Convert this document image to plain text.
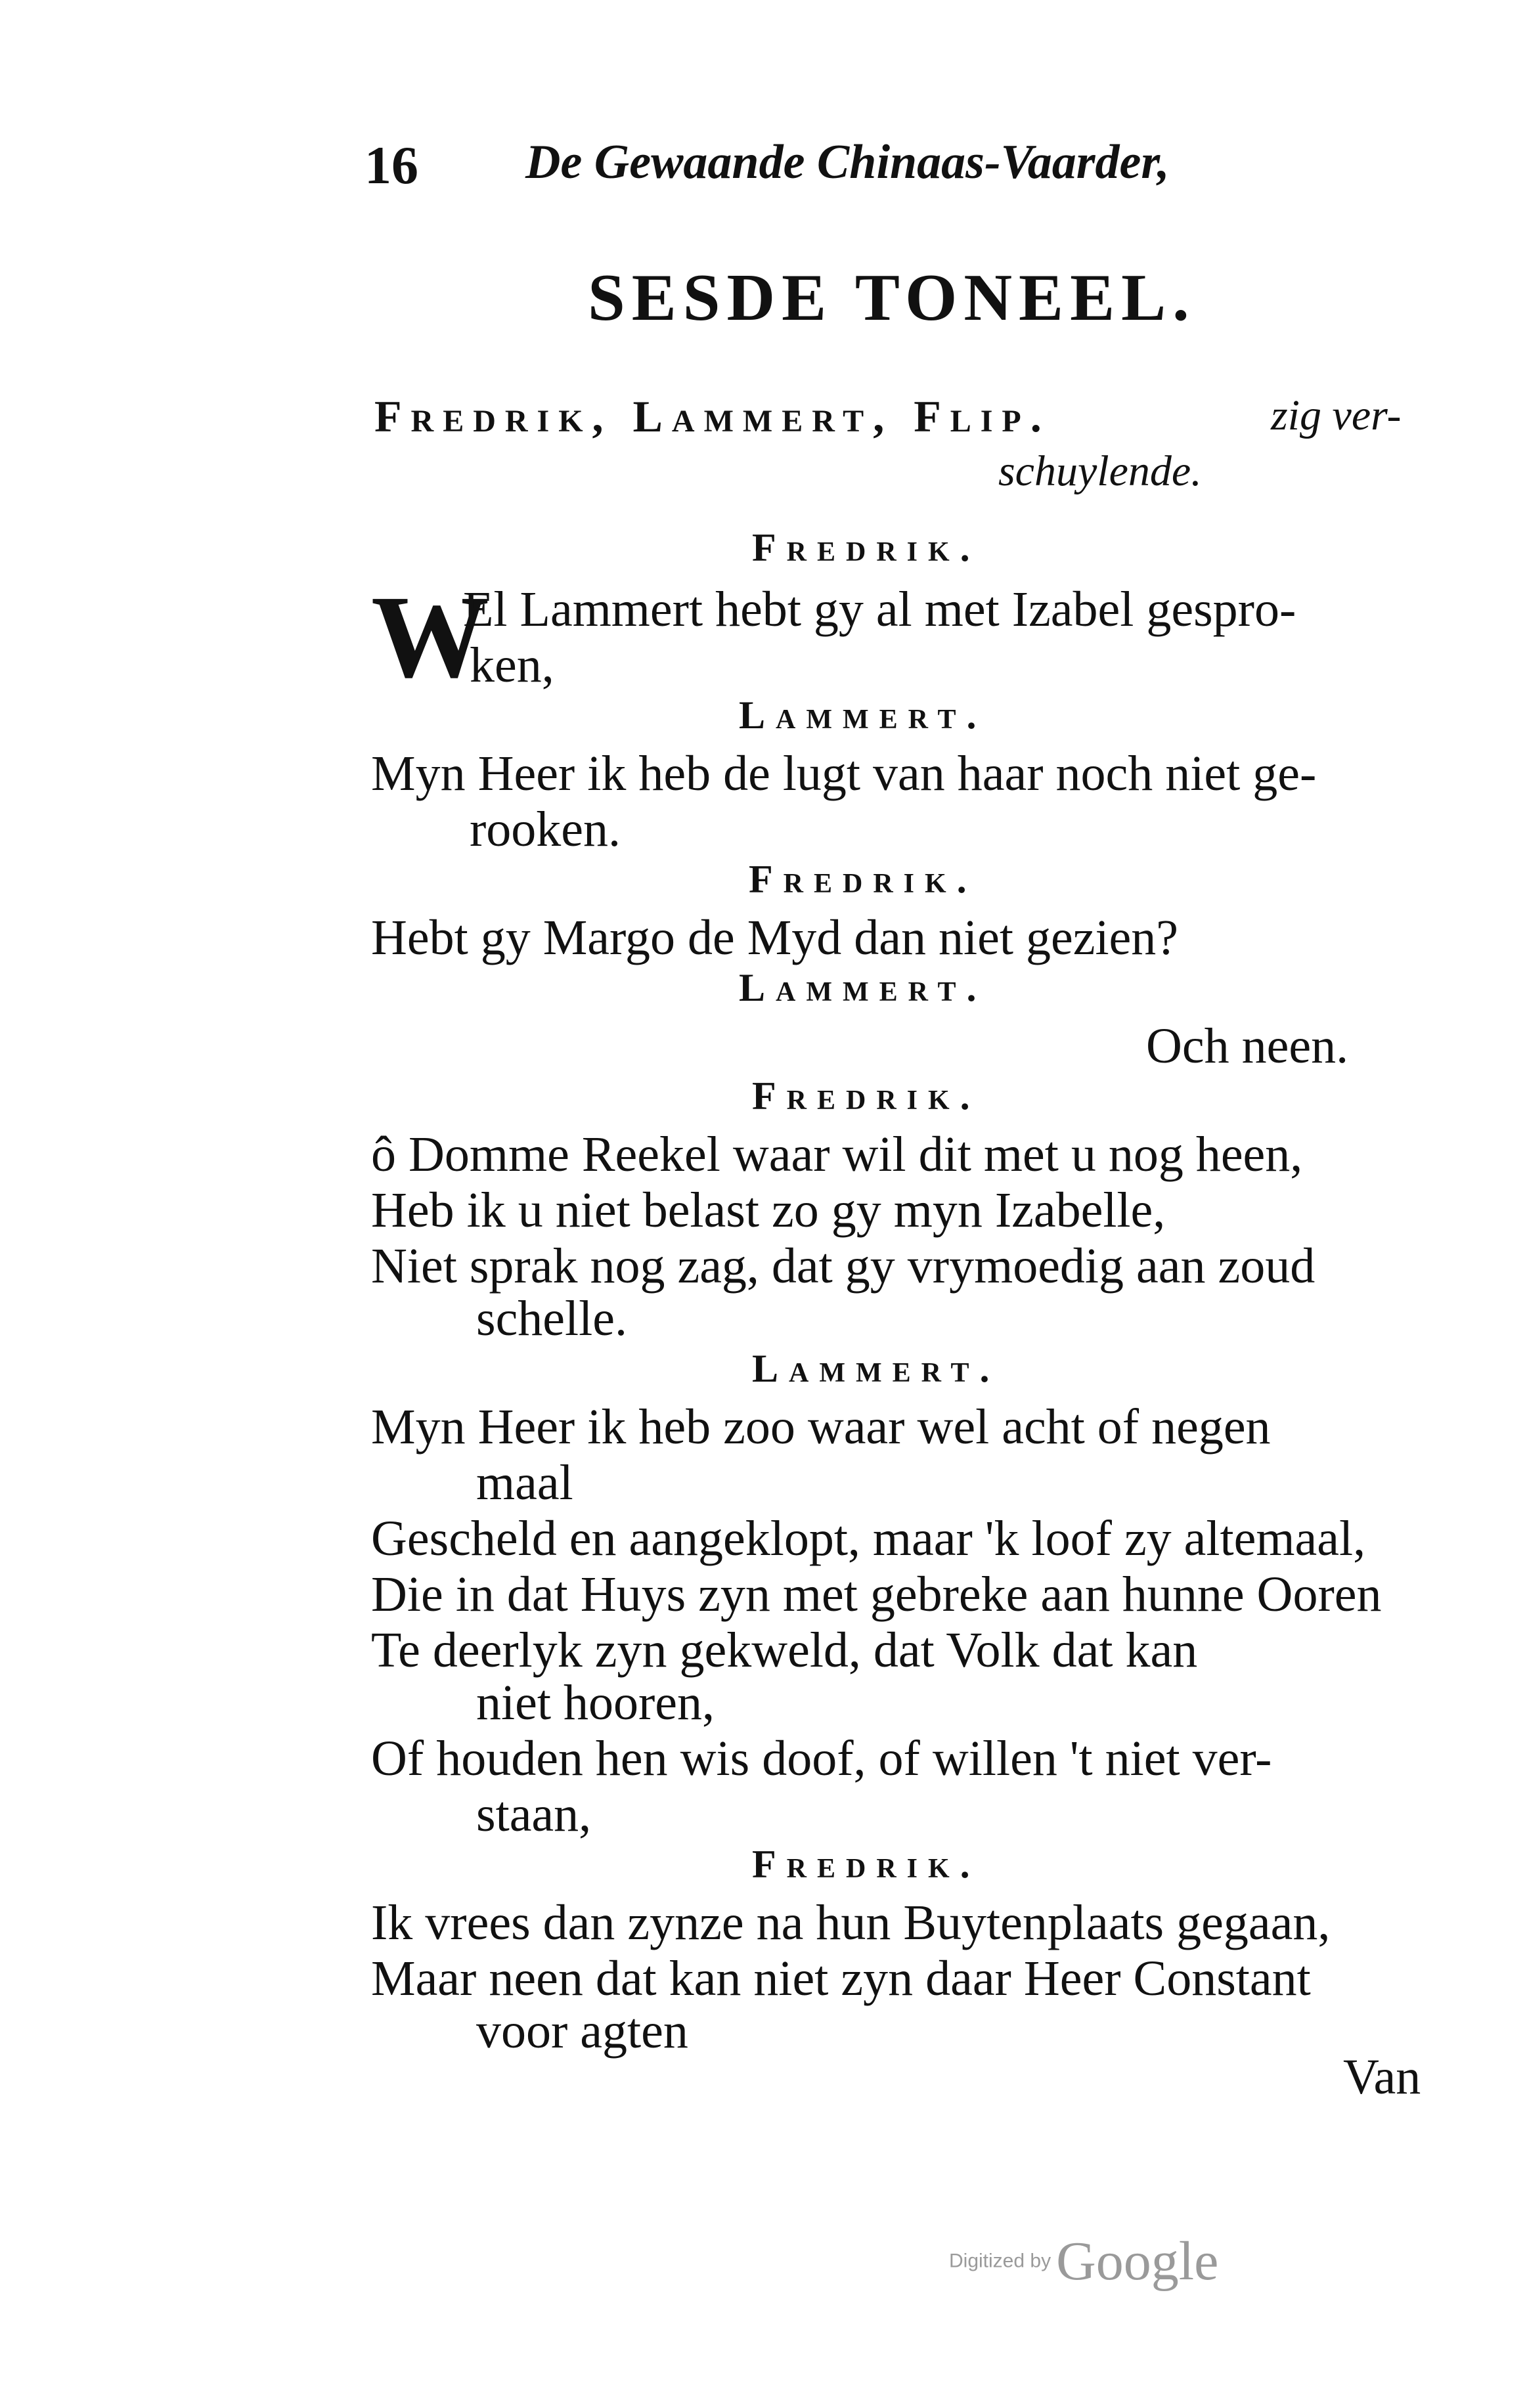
16 De Gewaande Chinaas-Vaarder,
SESDE TONEEL.
Fredrik, Lammert, Flip.	zig ver-
schuylende.
Fredrik.
W
El Lammert hebt gy al met Izabel gespro-
ken,
Lammert.
Myn Heer ik heb de lugt van haar noch niet ge-
rooken.
Fredrik.
Hebt gy Margo de Myd dan niet gezien?
Lammert.
Och neen.
Fredrik.
ô Domme Reekel waar wil dit met u nog heen,
Heb ik u niet belast zo gy myn Izabelle,
Niet sprak nog zag, dat gy vrymoedig aan zoud
schelle.
Lammert.
Myn Heer ik heb zoo waar wel acht of negen
maal
Gescheld en aangeklopt, maar 'k loof zy altemaal,
Die in dat Huys zyn met gebreke aan hunne Ooren
Te deerlyk zyn gekweld, dat Volk dat kan
niet hooren,
Of houden hen wis doof, of willen 't niet ver-
staan,
Fredrik.
Ik vrees dan zynze na hun Buytenplaats gegaan,
Maar neen dat kan niet zyn daar Heer Constant
voor agten
Van
Digitized byGoogle
